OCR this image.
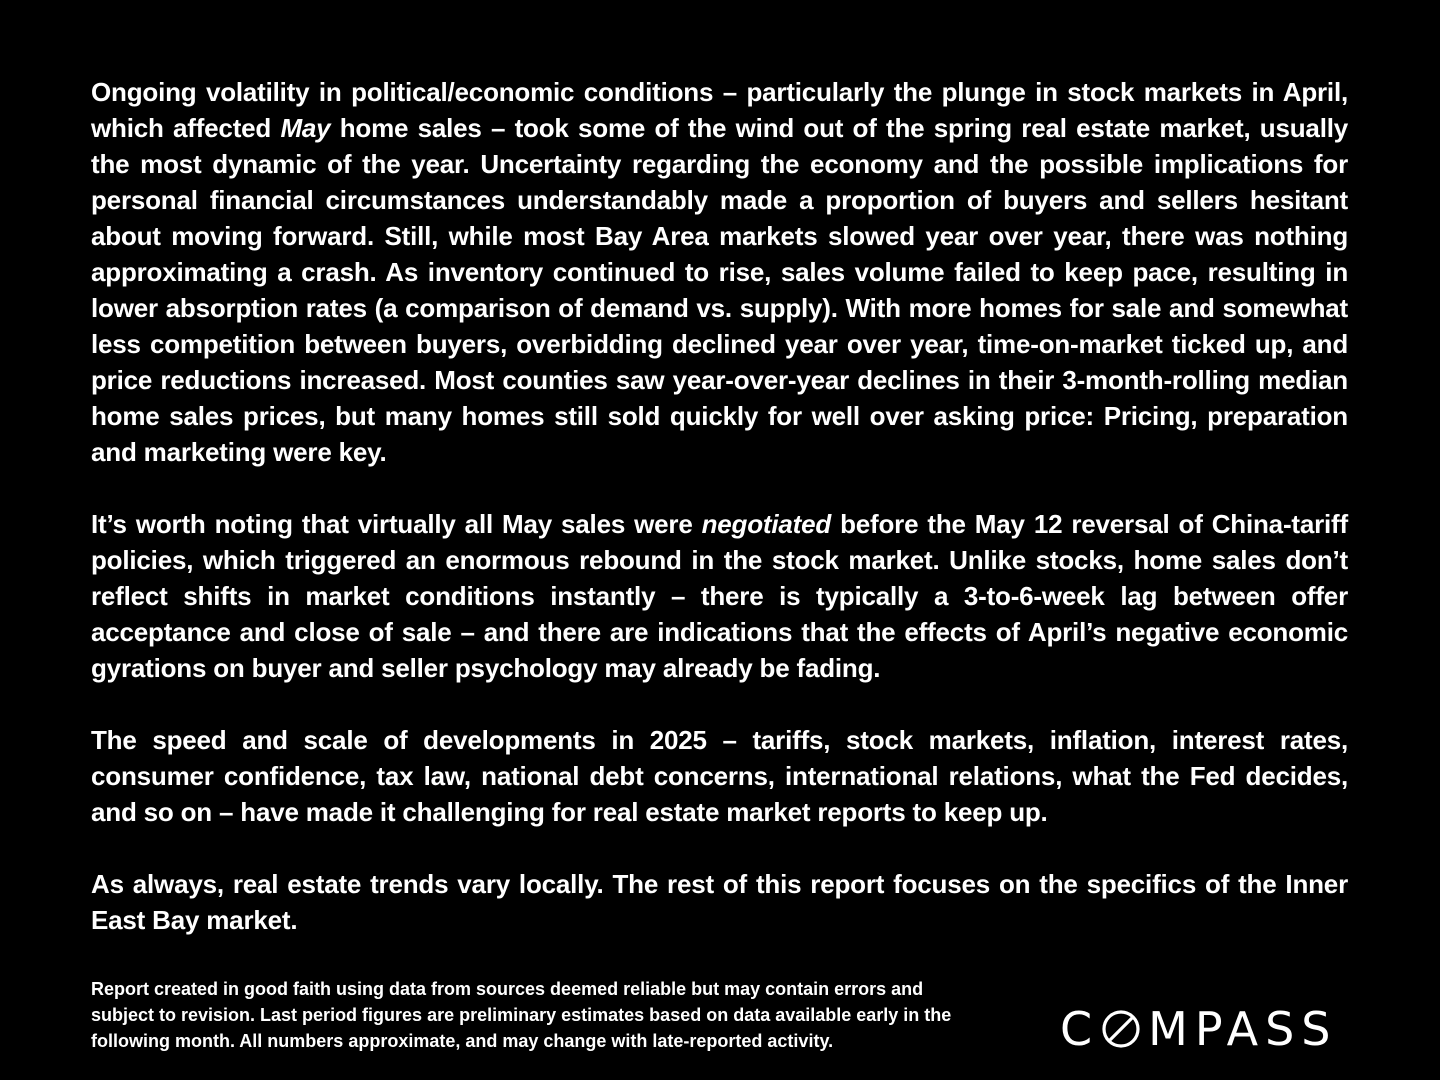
Ongoing volatility in political/economic conditions – particularly the plunge in stock markets in April, which affected May home sales – took some of the wind out of the spring real estate market, usually the most dynamic of the year. Uncertainty regarding the economy and the possible implications for personal financial circumstances understandably made a proportion of buyers and sellers hesitant about moving forward. Still, while most Bay Area markets slowed year over year, there was nothing approximating a crash. As inventory continued to rise, sales volume failed to keep pace, resulting in lower absorption rates (a comparison of demand vs. supply). With more homes for sale and somewhat less competition between buyers, overbidding declined year over year, time-on-market ticked up, and price reductions increased. Most counties saw year-over-year declines in their 3-month-rolling median home sales prices, but many homes still sold quickly for well over asking price: Pricing, preparation and marketing were key.

It’s worth noting that virtually all May sales were negotiated before the May 12 reversal of China-tariff policies, which triggered an enormous rebound in the stock market. Unlike stocks, home sales don’t reflect shifts in market conditions instantly – there is typically a 3-to-6-week lag between offer acceptance and close of sale – and there are indications that the effects of April’s negative economic gyrations on buyer and seller psychology may already be fading.

The speed and scale of developments in 2025 – tariffs, stock markets, inflation, interest rates, consumer confidence, tax law, national debt concerns, international relations, what the Fed decides, and so on – have made it challenging for real estate market reports to keep up.

As always, real estate trends vary locally. The rest of this report focuses on the specifics of the Inner East Bay market.

Report created in good faith using data from sources deemed reliable but may contain errors and subject to revision. Last period figures are preliminary estimates based on data available early in the following month. All numbers approximate, and may change with late-reported activity.	C MPASS
